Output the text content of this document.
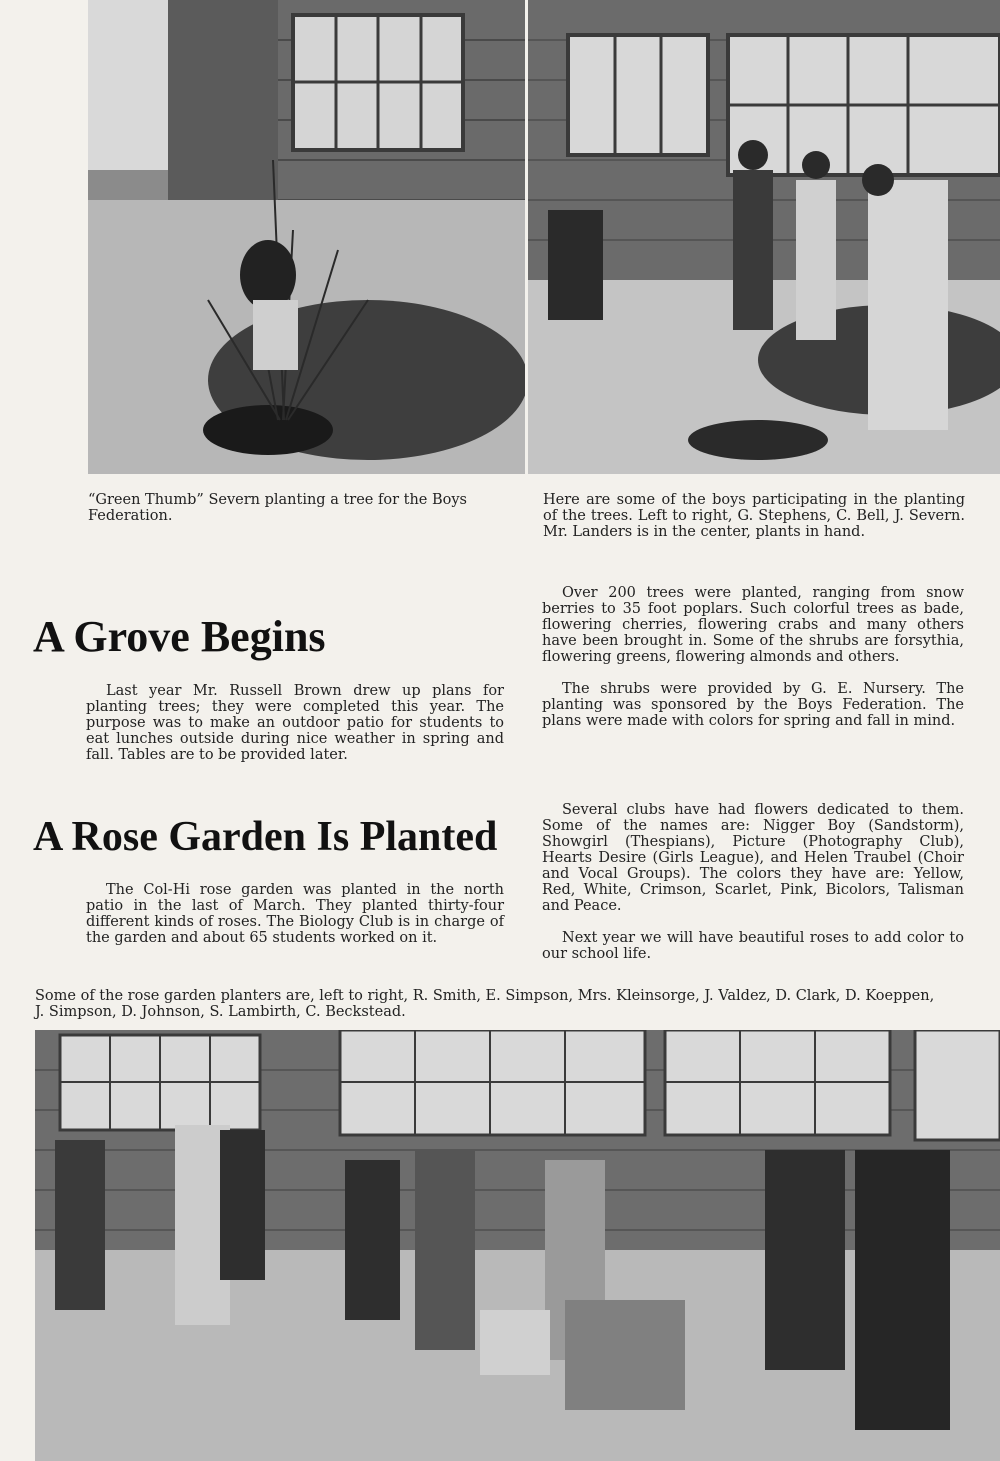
“Green Thumb” Severn planting a tree for the Boys Federation.
Here are some of the boys participating in the planting of the trees. Left to right, G. Stephens, C. Bell, J. Severn. Mr. Landers is in the center, plants in hand.
A Grove Begins

Last year Mr. Russell Brown drew up plans for planting trees; they were completed this year. The purpose was to make an outdoor patio for students to eat lunches outside during nice weather in spring and fall. Tables are to be provided later.

Over 200 trees were planted, ranging from snow berries to 35 foot poplars. Such colorful trees as bade, flowering cherries, flowering crabs and many others have been brought in. Some of the shrubs are forsythia, flowering greens, flowering almonds and others.

The shrubs were provided by G. E. Nursery. The planting was sponsored by the Boys Federation. The plans were made with colors for spring and fall in mind.

A Rose Garden Is Planted

The Col-Hi rose garden was planted in the north patio in the last of March. They planted thirty-four different kinds of roses. The Biology Club is in charge of the garden and about 65 students worked on it.

Several clubs have had flowers dedicated to them. Some of the names are: Nigger Boy (Sandstorm), Showgirl (Thespians), Picture (Photography Club), Hearts Desire (Girls League), and Helen Traubel (Choir and Vocal Groups). The colors they have are: Yellow, Red, White, Crimson, Scarlet, Pink, Bicolors, Talisman and Peace.

Next year we will have beautiful roses to add color to our school life.

Some of the rose garden planters are, left to right, R. Smith, E. Simpson, Mrs. Kleinsorge, J. Valdez, D. Clark, D. Koeppen, J. Simpson, D. Johnson, S. Lambirth, C. Beckstead.
